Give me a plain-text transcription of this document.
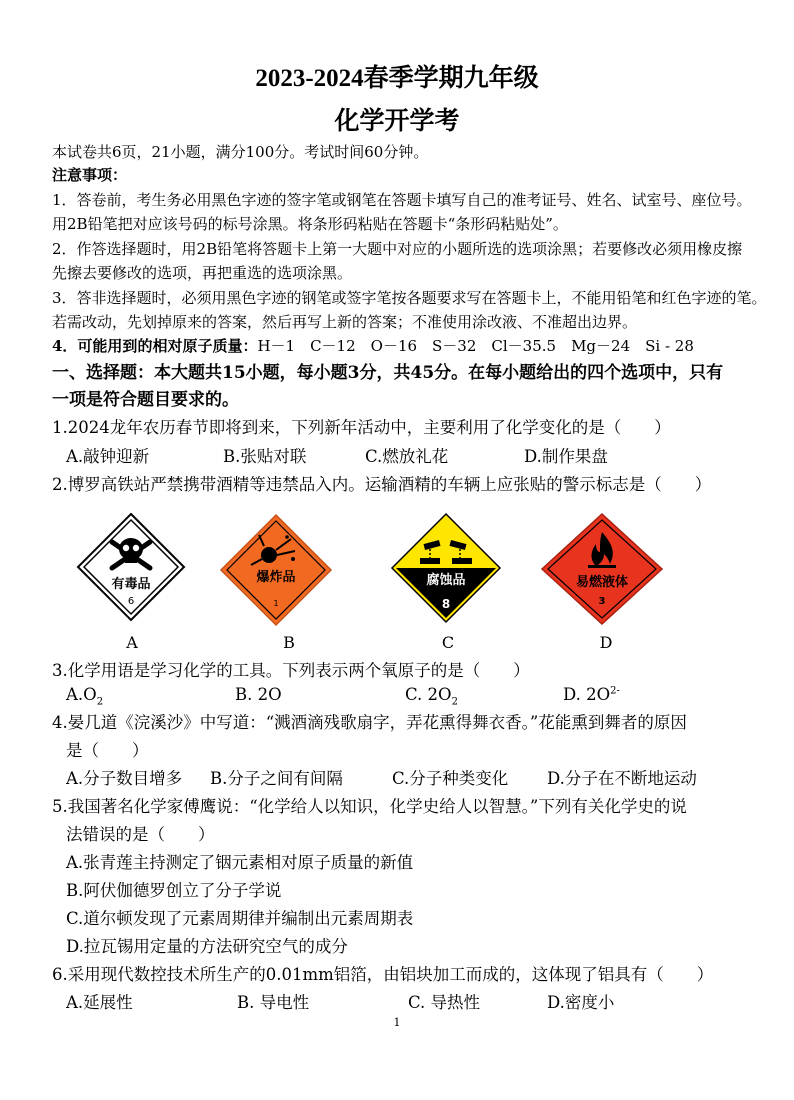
2023-2024春季学期九年级
化学开学考
本试卷共6页，21小题，满分100分。考试时间60分钟。
注意事项：
1．答卷前，考生务必用黑色字迹的签字笔或钢笔在答题卡填写自己的准考证号、姓名、试室号、座位号。
用2B铅笔把对应该号码的标号涂黑。将条形码粘贴在答题卡“条形码粘贴处”。
2．作答选择题时，用2B铅笔将答题卡上第一大题中对应的小题所选的选项涂黑；若要修改必须用橡皮擦
先擦去要修改的选项，再把重选的选项涂黑。
3．答非选择题时，必须用黑色字迹的钢笔或签字笔按各题要求写在答题卡上，不能用铅笔和红色字迹的笔。
若需改动，先划掉原来的答案，然后再写上新的答案；不准使用涂改液、不准超出边界。
4．可能用到的相对原子质量：H－1　C－12　O－16　S－32　Cl－35.5　Mg－24　Si - 28
一、选择题：本大题共15小题，每小题3分，共45分。在每小题给出的四个选项中，只有
一项是符合题目要求的。
1.2024龙年农历春节即将到来，下列新年活动中，主要利用了化学变化的是（　　）
A.敲钟迎新	B.张贴对联	C.燃放礼花	D.制作果盘
2.博罗高铁站严禁携带酒精等违禁品入内。运输酒精的车辆上应张贴的警示标志是（　　）
有毒品
6
爆炸品
1
腐蚀品
8
易燃液体
3
A	B	C	D
3.化学用语是学习化学的工具。下列表示两个氧原子的是（　　）
$A.O_2$	B. 2O	C. $2O_2$	D. $2O^{2-}$
4.晏几道《浣溪沙》中写道：“溅酒滴残歌扇字，弄花熏得舞衣香。”花能熏到舞者的原因
是（　　）
A.分子数目增多 B.分子之间有间隔	C.分子种类变化 D.分子在不断地运动
5.我国著名化学家傅鹰说：“化学给人以知识，化学史给人以智慧。”下列有关化学史的说
法错误的是（　　）
A.张青莲主持测定了铟元素相对原子质量的新值
B.阿伏伽德罗创立了分子学说
C.道尔顿发现了元素周期律并编制出元素周期表
D.拉瓦锡用定量的方法研究空气的成分
6.采用现代数控技术所生产的0.01mm铝箔，由铝块加工而成的，这体现了铝具有（　　）
A.延展性	B. 导电性	C. 导热性	D.密度小
1
